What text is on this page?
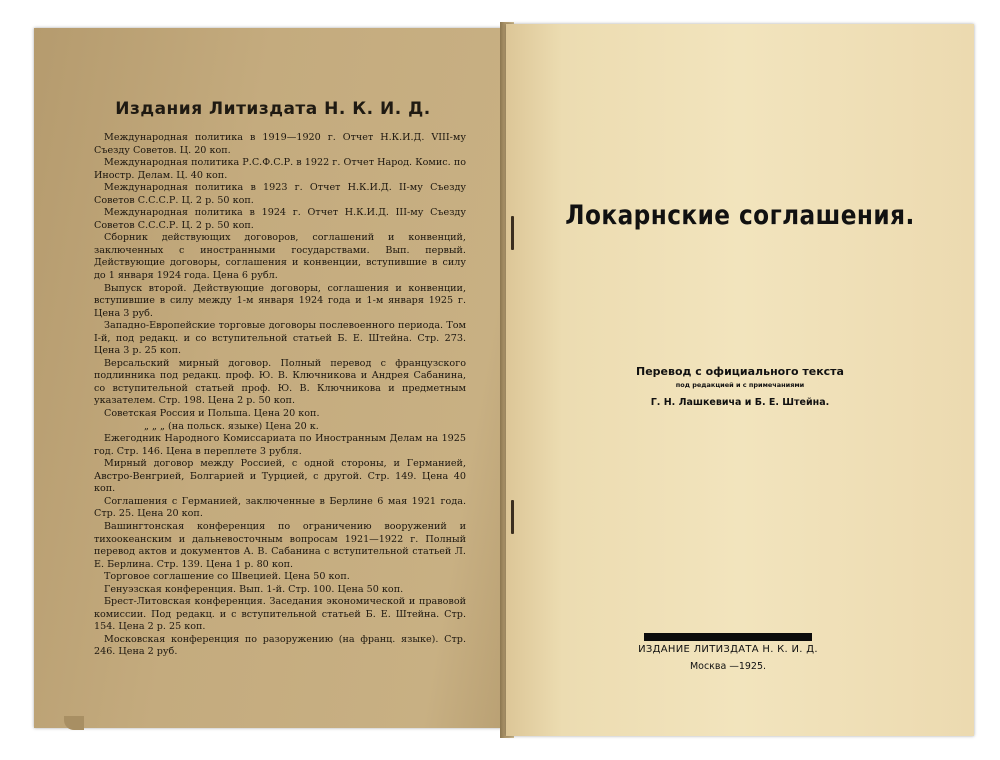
Издания Литиздата Н. К. И. Д.
Международная политика в 1919—1920 г. Отчет Н.К.И.Д. VIII-му Съезду Советов. Ц. 20 коп.
Международная политика Р.С.Ф.С.Р. в 1922 г. Отчет Народ. Комис. по Иностр. Делам. Ц. 40 коп.
Международная политика в 1923 г. Отчет Н.К.И.Д. II-му Съезду Советов С.С.С.Р. Ц. 2 р. 50 коп.
Международная политика в 1924 г. Отчет Н.К.И.Д. III-му Съезду Советов С.С.С.Р. Ц. 2 р. 50 коп.
Сборник действующих договоров, соглашений и конвенций, заключенных с иностранными государствами. Вып. первый. Действующие договоры, соглашения и конвенции, вступившие в силу до 1 января 1924 года. Цена 6 рубл.
Выпуск второй. Действующие договоры, соглашения и конвенции, вступившие в силу между 1-м января 1924 года и 1-м января 1925 г. Цена 3 руб.
Западно-Европейские торговые договоры послевоенного периода. Том I-й, под редакц. и со вступительной статьей Б. Е. Штейна. Стр. 273. Цена 3 р. 25 коп.
Версальский мирный договор. Полный перевод с французского подлинника под редакц. проф. Ю. В. Ключникова и Андрея Сабанина, со вступительной статьей проф. Ю. В. Ключникова и предметным указателем. Стр. 198. Цена 2 р. 50 коп.
Советская Россия и Польша. Цена 20 коп.
„ „ „ (на польск. языке) Цена 20 к.
Ежегодник Народного Комиссариата по Иностранным Делам на 1925 год. Стр. 146. Цена в переплете 3 рубля.
Мирный договор между Россией, с одной стороны, и Германией, Австро-Венгрией, Болгарией и Турцией, с другой. Стр. 149. Цена 40 коп.
Соглашения с Германией, заключенные в Берлине 6 мая 1921 года. Стр. 25. Цена 20 коп.
Вашингтонская конференция по ограничению вооружений и тихоокеанским и дальневосточным вопросам 1921—1922 г. Полный перевод актов и документов А. В. Сабанина с вступительной статьей Л. Е. Берлина. Стр. 139. Цена 1 р. 80 коп.
Торговое соглашение со Швецией. Цена 50 коп.
Генуэзская конференция. Вып. 1-й. Стр. 100. Цена 50 коп.
Брест-Литовская конференция. Заседания экономической и правовой комиссии. Под редакц. и с вступительной статьей Б. Е. Штейна. Стр. 154. Цена 2 р. 25 коп.
Московская конференция по разоружению (на франц. языке). Стр. 246. Цена 2 руб.
Локарнские соглашения.
Перевод с официального текста
под редакцией и с примечаниями
Г. Н. Лашкевича и Б. Е. Штейна.
ИЗДАНИЕ ЛИТИЗДАТА Н. К. И. Д.
Москва —1925.
